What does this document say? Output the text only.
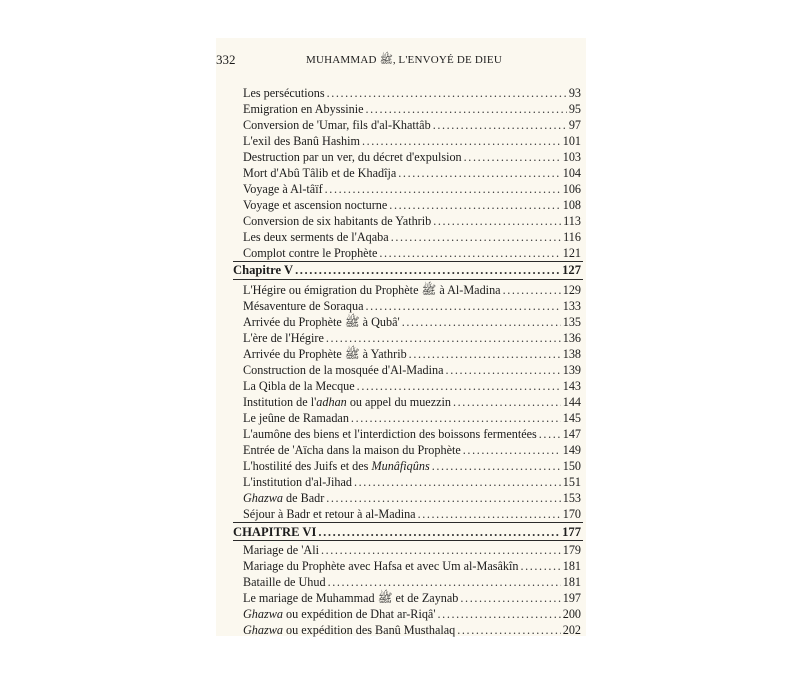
332	MUHAMMAD ﷺ, L'ENVOYÉ DE DIEU
Les persécutions .....	93
Emigration en Abyssinie .....	95
Conversion de 'Umar, fils d'al-Khattâb .....	97
L'exil des Banû Hashim .....	101
Destruction par un ver, du décret d'expulsion .....	103
Mort d'Abû Tâlib et de Khadîja .....	104
Voyage à Al-tâïf .....	106
Voyage et ascension nocturne .....	108
Conversion de six habitants de Yathrib .....	113
Les deux serments de l'Aqaba .....	116
Complot contre le Prophète .....	121
Chapitre V .....	127
L'Hégire ou émigration du Prophète ﷺ à Al-Madina .....	129
Mésaventure de Soraqua .....	133
Arrivée du Prophète ﷺ à Qubâ' .....	135
L'ère de l'Hégire .....	136
Arrivée du Prophète ﷺ à Yathrib .....	138
Construction de la mosquée d'Al-Madina .....	139
La Qibla de la Mecque .....	143
Institution de l'adhan ou appel du muezzin .....	144
Le jeûne de Ramadan .....	145
L'aumône des biens et l'interdiction des boissons fermentées ..... 147
Entrée de 'Aïcha dans la maison du Prophète .....	149
L'hostilité des Juifs et des Munâfiqûns .....	150
L'institution d'al-Jihad .....	151
Ghazwa de Badr .....	153
Séjour à Badr et retour à al-Madina .....	170
CHAPITRE VI .....	177
Mariage de 'Ali .....	179
Mariage du Prophète avec Hafsa et avec Um al-Masâkîn .....	181
Bataille de Uhud .....	181
Le mariage de Muhammad ﷺ et de Zaynab .....	197
Ghazwa ou expédition de Dhat ar-Riqâ' .....	200
Ghazwa ou expédition des Banû Musthalaq .....	202
